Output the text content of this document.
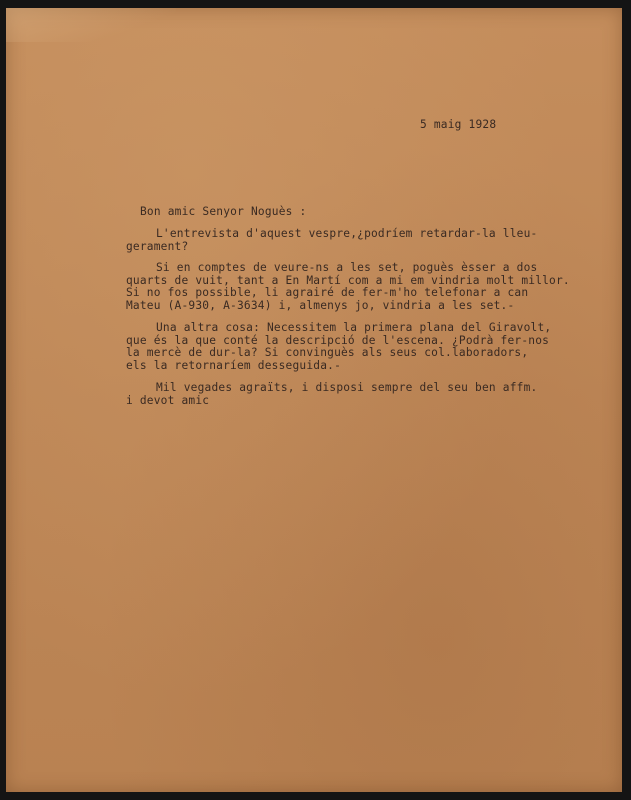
5 maig 1928
Bon amic Senyor Noguès :
L'entrevista d'aquest vespre,¿podríem retardar-la lleu-
gerament?
Si en comptes de veure-ns a les set, poguès èsser a dos
quarts de vuit, tant a En Martí com a mi em vindria molt millor.
Si no fos possible, li agrairé de fer-m'ho telefonar a can
Mateu (A-930, A-3634) i, almenys jo, vindria a les set.-
Una altra cosa: Necessitem la primera plana del Giravolt,
que és la que conté la descripció de l'escena. ¿Podrà fer-nos
la mercè de dur-la? Si convinguès als seus col.laboradors,
els la retornaríem desseguida.-
Mil vegades agraïts, i disposi sempre del seu ben affm.
i devot amic
